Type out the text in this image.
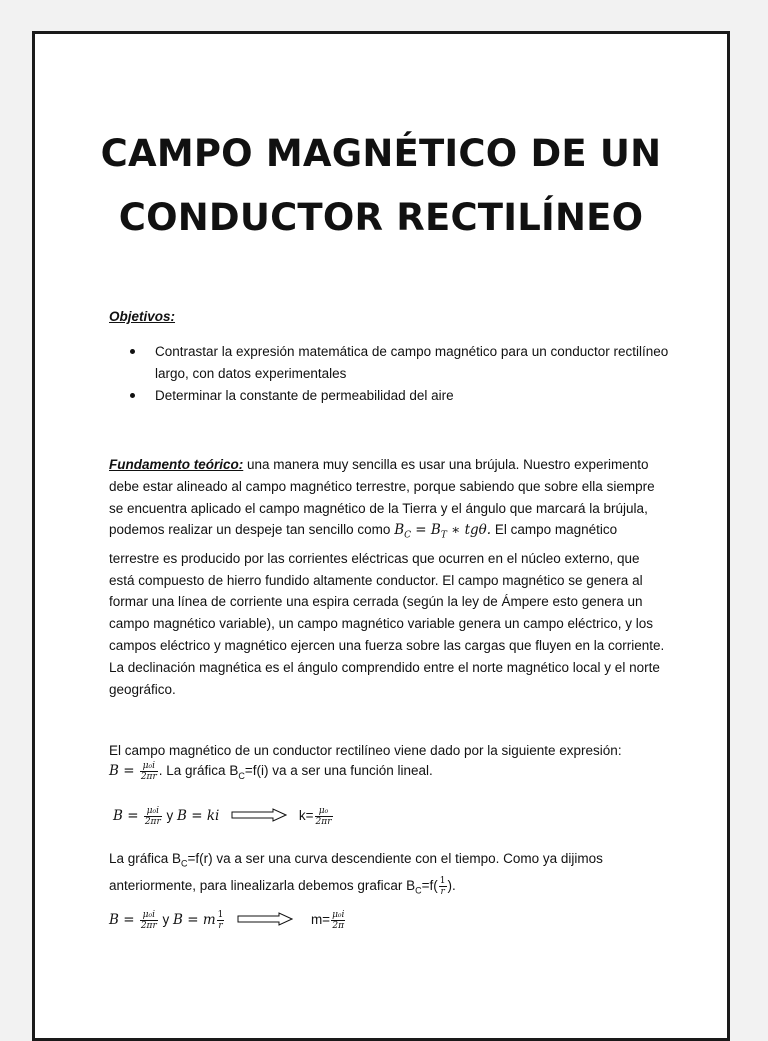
CAMPO MAGNÉTICO DE UN
CONDUCTOR RECTILÍNEO
Objetivos:
Contrastar la expresión matemática de campo magnético para un conductor rectilíneo largo, con datos experimentales
Determinar la constante de permeabilidad del aire
Fundamento teórico: una manera muy sencilla es usar una brújula. Nuestro experimento debe estar alineado al campo magnético terrestre, porque sabiendo que sobre ella siempre se encuentra aplicado el campo magnético de la Tierra y el ángulo que marcará la brújula, podemos realizar un despeje tan sencillo como $B_C = B_T$ ∗ tgθ. El campo magnético terrestre es producido por las corrientes eléctricas que ocurren en el núcleo externo, que está compuesto de hierro fundido altamente conductor. El campo magnético se genera al formar una línea de corriente una espira cerrada (según la ley de Ámpere esto genera un campo magnético variable), un campo magnético variable genera un campo eléctrico, y los campos eléctrico y magnético ejercen una fuerza sobre las cargas que fluyen en la corriente. La declinación magnética es el ángulo comprendido entre el norte magnético local y el norte geográfico.
El campo magnético de un conductor rectilíneo viene dado por la siguiente expresión:
$B = \frac{\text{μ₀i}}{2\pi r}$ . La gráfica $B_C=f(i)$ va a ser una función lineal.
$B = \frac{\text{μ₀i}}{2\pi r}$ y B = ki	$k= \frac{\text{μ₀}}{2\pi r}$
La gráfica $B_C=f(r)$ va a ser una curva descendiente con el tiempo. Como ya dijimos
anteriormente, para linealizarla debemos graficar $B_C=f( \frac{1}{r}$ ).
$B = \frac{\text{μ₀i}}{2\pi r}$ y B = m $\frac{1}{r}$	$m= \frac{\text{μ₀i}}{2\pi}$
